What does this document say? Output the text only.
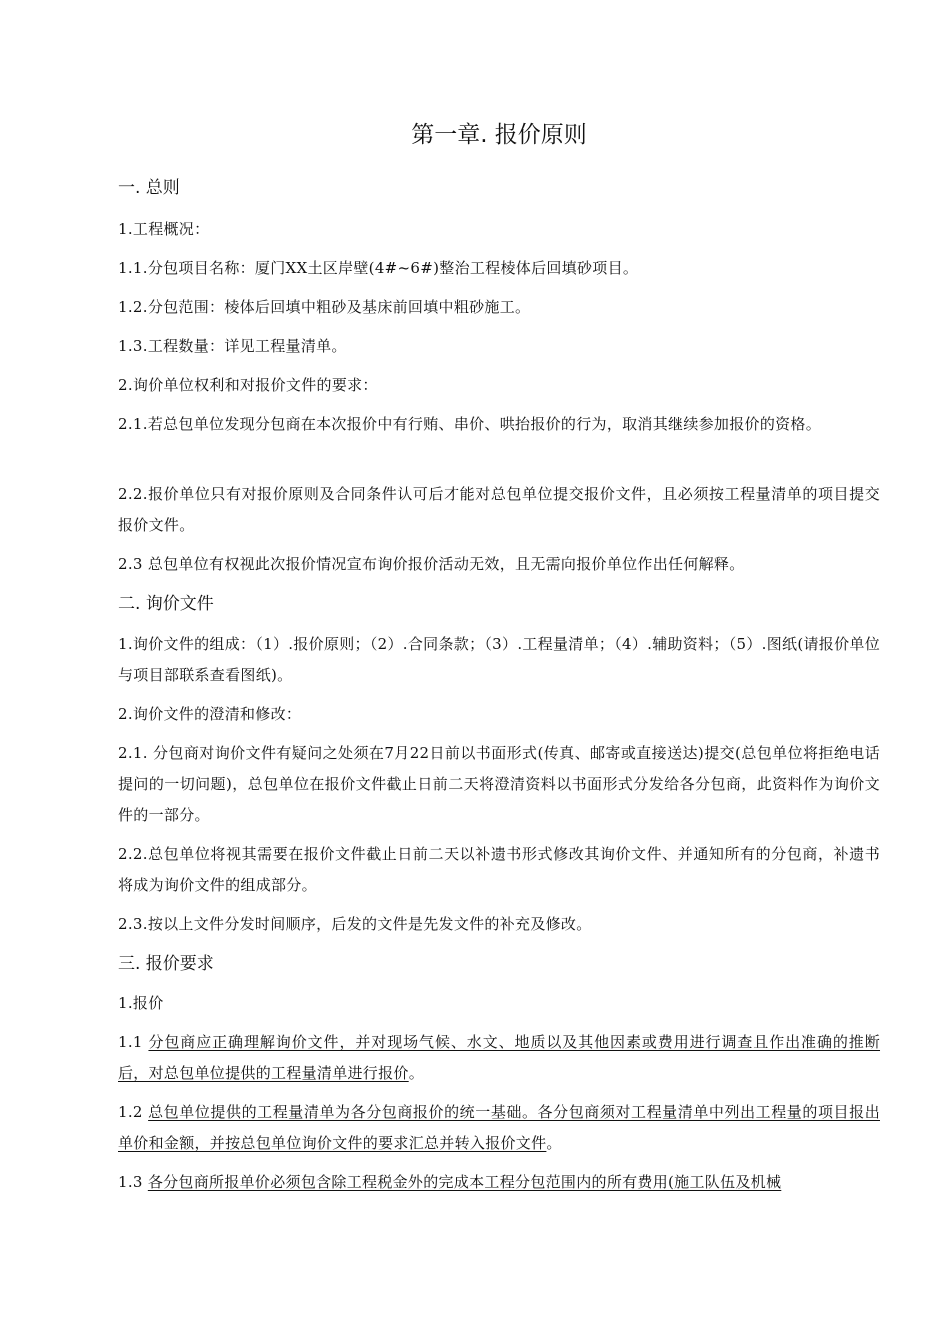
第一章. 报价原则
一. 总则

1.工程概况：

1.1.分包项目名称：厦门XX土区岸壁(4#~6#)整治工程棱体后回填砂项目。

1.2.分包范围：棱体后回填中粗砂及基床前回填中粗砂施工。

1.3.工程数量：详见工程量清单。

2.询价单位权利和对报价文件的要求：

2.1.若总包单位发现分包商在本次报价中有行贿、串价、哄抬报价的行为，取消其继续参加报价的资格。

2.2.报价单位只有对报价原则及合同条件认可后才能对总包单位提交报价文件，且必须按工程量清单的项目提交报价文件。

2.3 总包单位有权视此次报价情况宣布询价报价活动无效，且无需向报价单位作出任何解释。

二. 询价文件

1.询价文件的组成：（1）.报价原则；（2）.合同条款；（3）.工程量清单；（4）.辅助资料；（5）.图纸(请报价单位与项目部联系查看图纸)。

2.询价文件的澄清和修改：

2.1. 分包商对询价文件有疑问之处须在7月22日前以书面形式(传真、邮寄或直接送达)提交(总包单位将拒绝电话提问的一切问题)，总包单位在报价文件截止日前二天将澄清资料以书面形式分发给各分包商，此资料作为询价文件的一部分。

2.2.总包单位将视其需要在报价文件截止日前二天以补遗书形式修改其询价文件、并通知所有的分包商，补遗书将成为询价文件的组成部分。

2.3.按以上文件分发时间顺序，后发的文件是先发文件的补充及修改。

三. 报价要求

1.报价

1.1 分包商应正确理解询价文件，并对现场气候、水文、地质以及其他因素或费用进行调查且作出准确的推断后，对总包单位提供的工程量清单进行报价。

1.2 总包单位提供的工程量清单为各分包商报价的统一基础。各分包商须对工程量清单中列出工程量的项目报出单价和金额，并按总包单位询价文件的要求汇总并转入报价文件。

1.3 各分包商所报单价必须包含除工程税金外的完成本工程分包范围内的所有费用(施工队伍及机械
